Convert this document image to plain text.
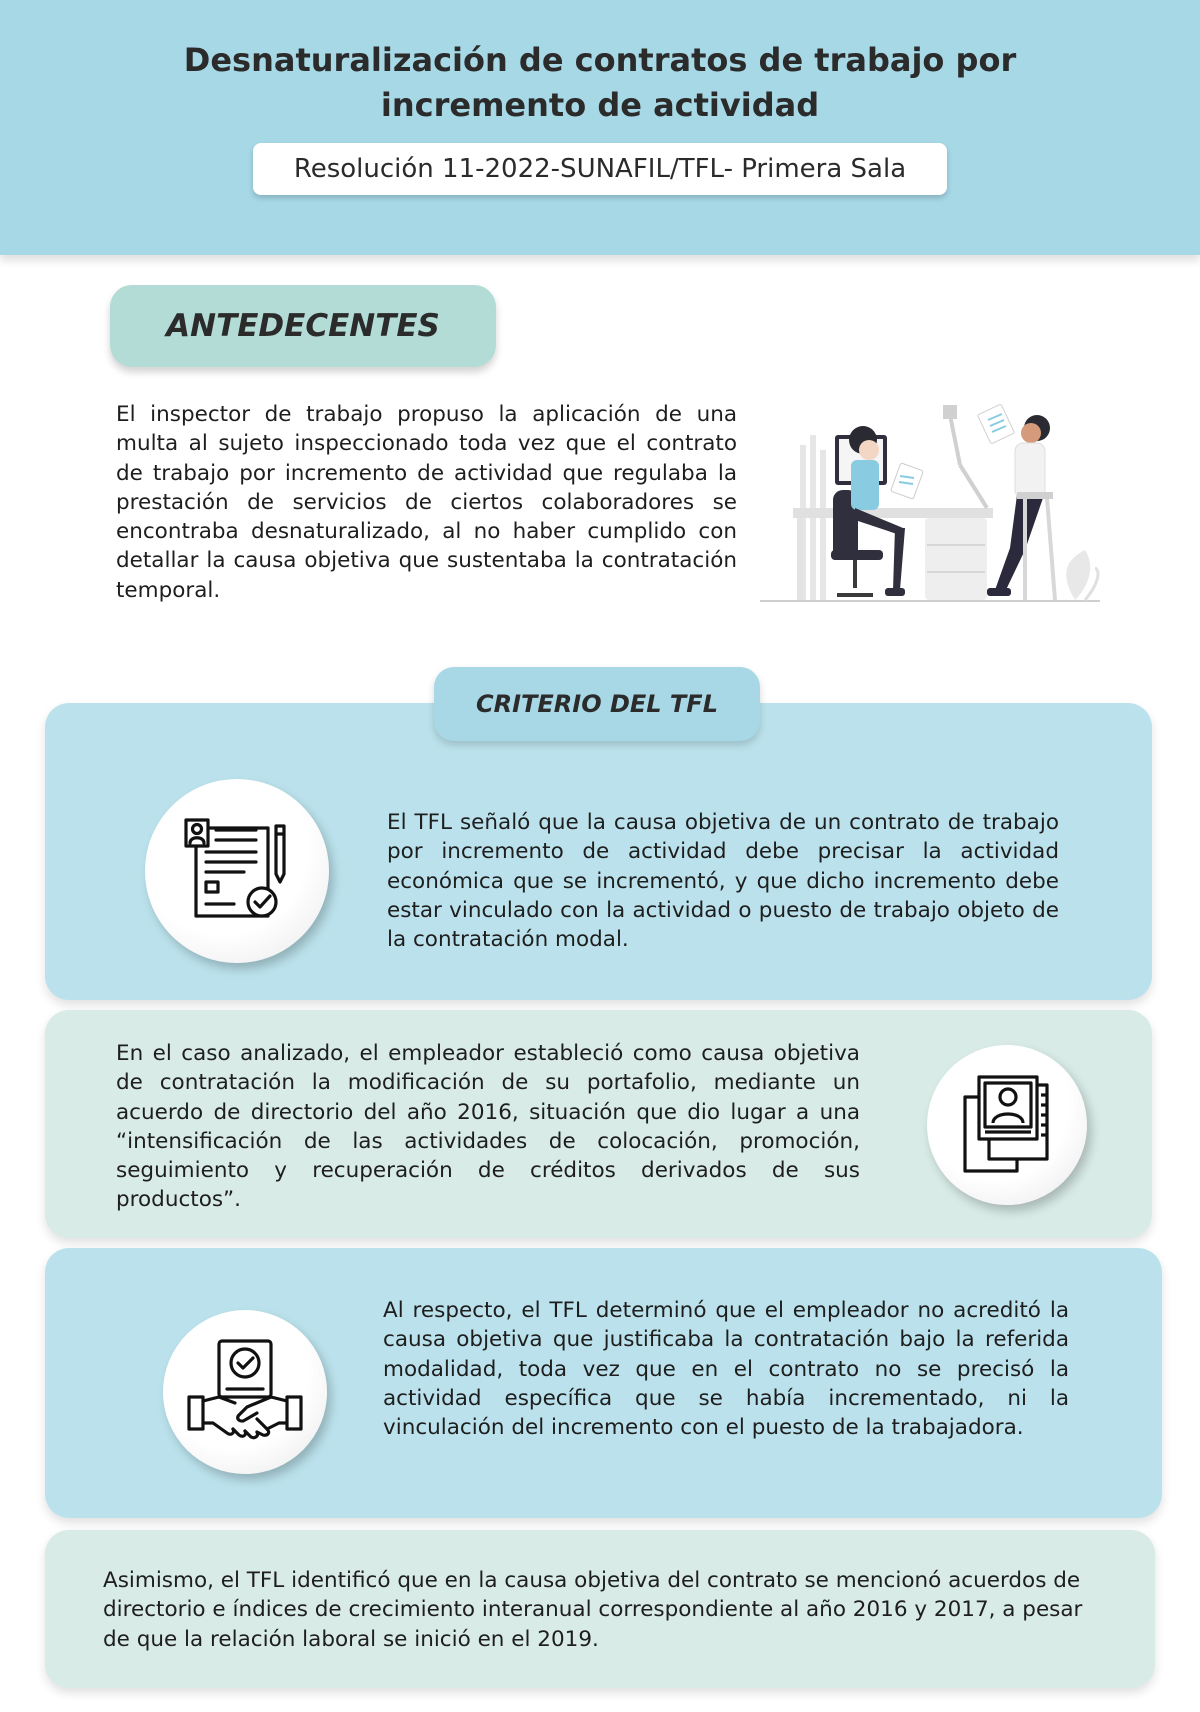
Desnaturalización de contratos de trabajo por
incremento de actividad
Resolución 11-2022-SUNAFIL/TFL- Primera Sala
ANTEDECENTES
El inspector de trabajo propuso la aplicación de una multa al sujeto inspeccionado toda vez que el contrato de trabajo por incremento de actividad que regulaba la prestación de servicios de ciertos colaboradores se encontraba desnaturalizado, al no haber cumplido con detallar la causa objetiva que sustentaba la contratación temporal.
CRITERIO DEL TFL
El TFL señaló que la causa objetiva de un contrato de trabajo por incremento de actividad debe precisar la actividad económica que se incrementó, y que dicho incremento debe estar vinculado con la actividad o puesto de trabajo objeto de la contratación modal.
En el caso analizado, el empleador estableció como causa objetiva de contratación la modificación de su portafolio, mediante un acuerdo de directorio del año 2016, situación que dio lugar a una “intensificación de las actividades de colocación, promoción, seguimiento y recuperación de créditos derivados de sus productos”.
Al respecto, el TFL determinó que el empleador no acreditó la causa objetiva que justificaba la contratación bajo la referida modalidad, toda vez que en el contrato no se precisó la actividad específica que se había incrementado, ni la vinculación del incremento con el puesto de la trabajadora.
Asimismo, el TFL identificó que en la causa objetiva del contrato se mencionó acuerdos de directorio e índices de crecimiento interanual correspondiente al año 2016 y 2017, a pesar de que la relación laboral se inició en el 2019.
